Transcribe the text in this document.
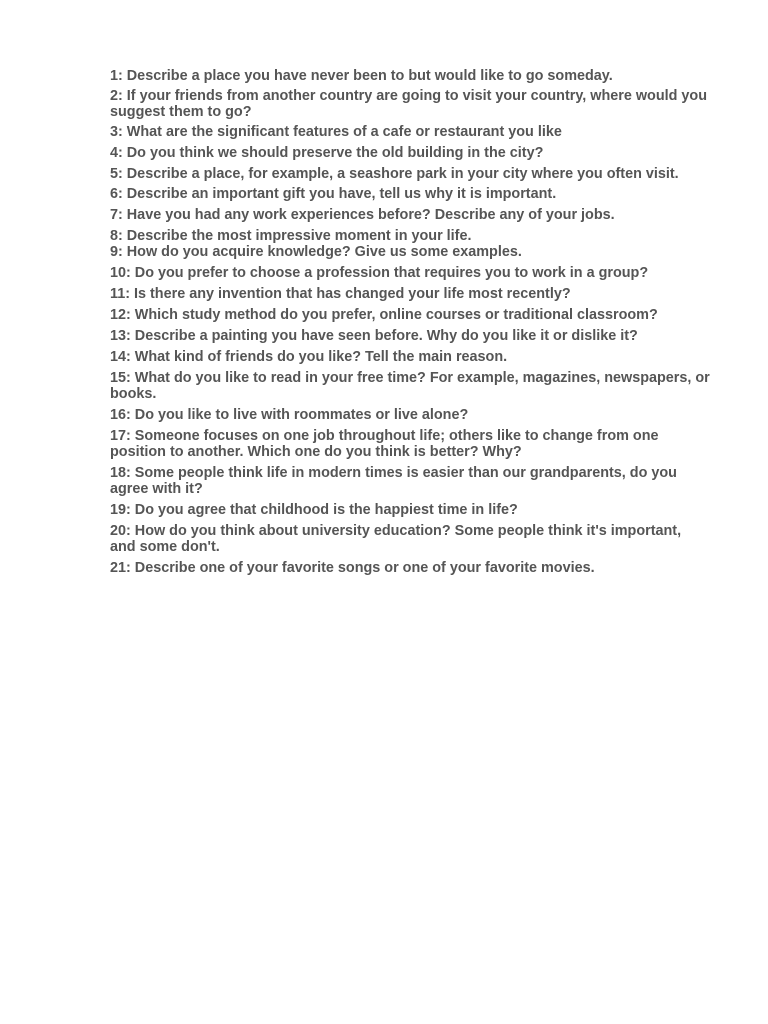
1: Describe a place you have never been to but would like to go someday.
2: If your friends from another country are going to visit your country, where would you suggest them to go?
3: What are the significant features of a cafe or restaurant you like
4: Do you think we should preserve the old building in the city?
5: Describe a place, for example, a seashore park in your city where you often visit.
6: Describe an important gift you have, tell us why it is important.
7: Have you had any work experiences before? Describe any of your jobs.
8: Describe the most impressive moment in your life.
9: How do you acquire knowledge? Give us some examples.
10: Do you prefer to choose a profession that requires you to work in a group?
11: Is there any invention that has changed your life most recently?
12: Which study method do you prefer, online courses or traditional classroom?
13: Describe a painting you have seen before. Why do you like it or dislike it?
14: What kind of friends do you like? Tell the main reason.
15: What do you like to read in your free time? For example, magazines, newspapers, or books.
16: Do you like to live with roommates or live alone?
17: Someone focuses on one job throughout life; others like to change from one position to another. Which one do you think is better? Why?
18: Some people think life in modern times is easier than our grandparents, do you agree with it?
19: Do you agree that childhood is the happiest time in life?
20: How do you think about university education? Some people think it's important, and some don't.
21: Describe one of your favorite songs or one of your favorite movies.
